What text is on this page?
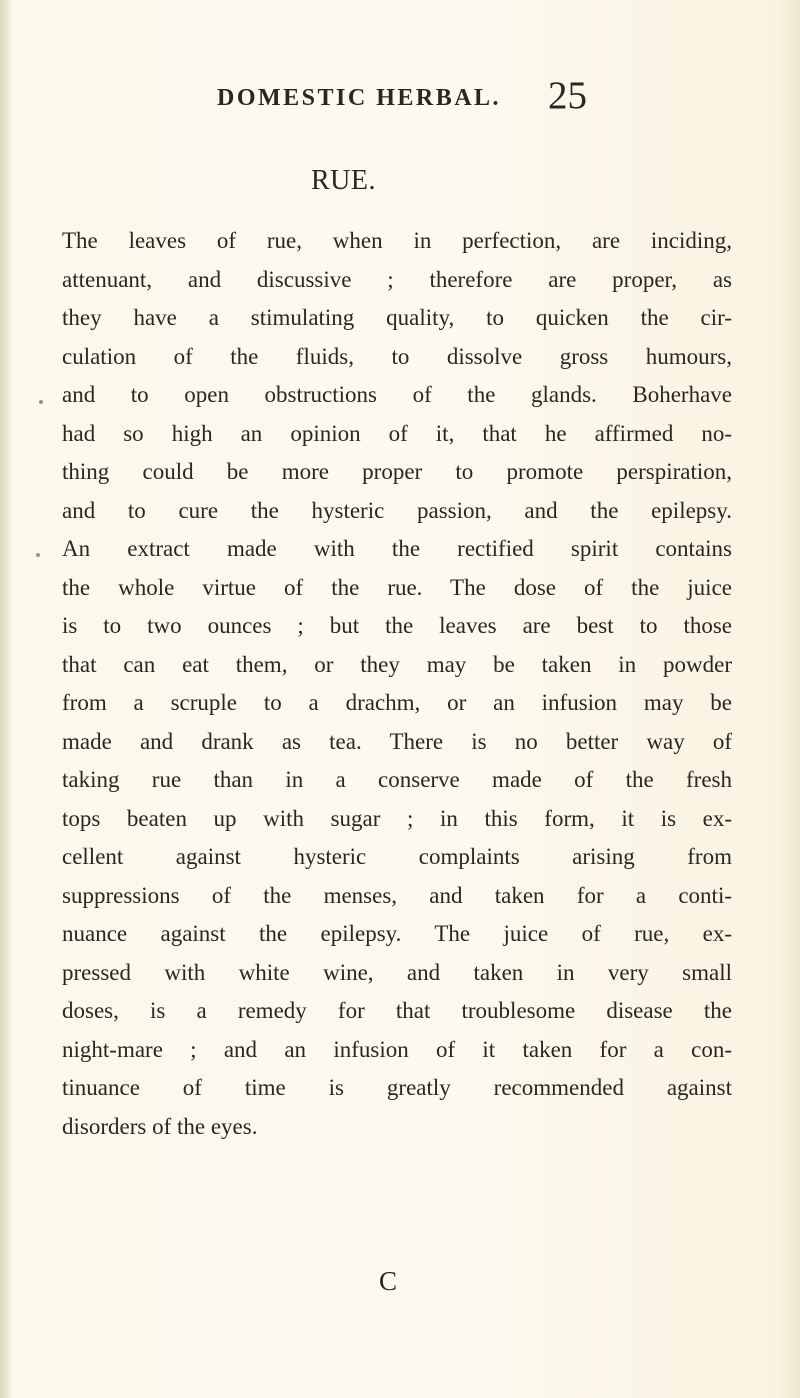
DOMESTIC HERBAL.	25
RUE.
The leaves of rue, when in perfection, are inciding,
attenuant, and discussive ; therefore are proper, as
they have a stimulating quality, to quicken the cir-
culation of the fluids, to dissolve gross humours,
and to open obstructions of the glands. Boherhave
had so high an opinion of it, that he affirmed no-
thing could be more proper to promote perspiration,
and to cure the hysteric passion, and the epilepsy.
An extract made with the rectified spirit contains
the whole virtue of the rue. The dose of the juice
is to two ounces ; but the leaves are best to those
that can eat them, or they may be taken in powder
from a scruple to a drachm, or an infusion may be
made and drank as tea. There is no better way of
taking rue than in a conserve made of the fresh
tops beaten up with sugar ; in this form, it is ex-
cellent against hysteric complaints arising from
suppressions of the menses, and taken for a conti-
nuance against the epilepsy. The juice of rue, ex-
pressed with white wine, and taken in very small
doses, is a remedy for that troublesome disease the
night-mare ; and an infusion of it taken for a con-
tinuance of time is greatly recommended against
disorders of the eyes.
C
